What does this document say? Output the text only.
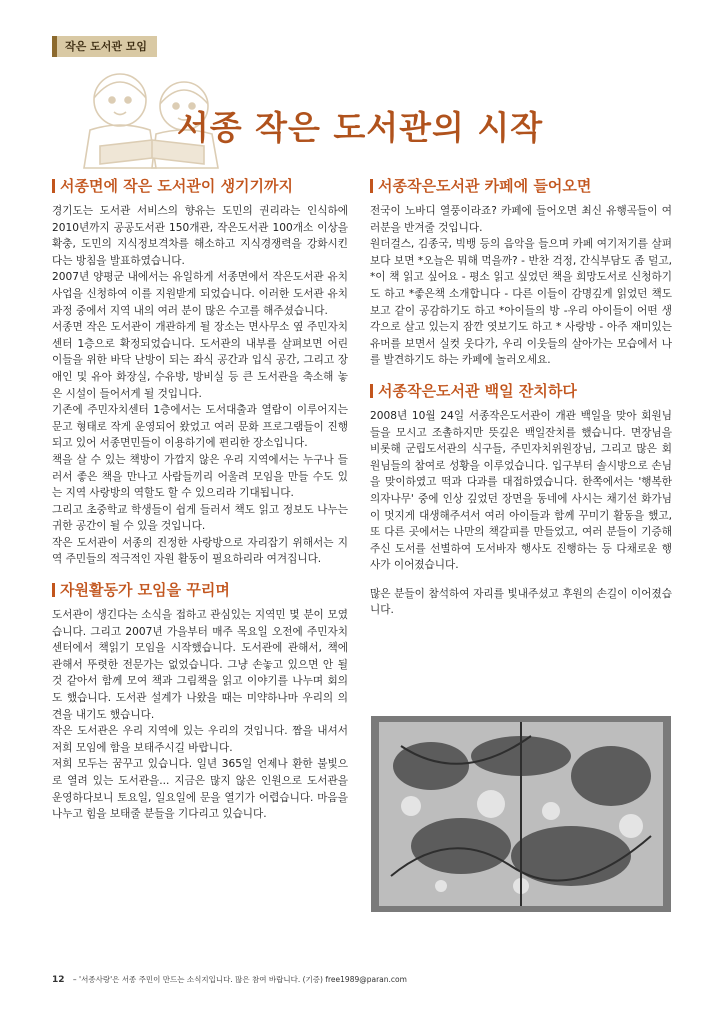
작은 도서관 모임
서종 작은 도서관의 시작
서종면에 작은 도서관이 생기기까지

경기도는 도서관 서비스의 향유는 도민의 권리라는 인식하에 2010년까지 공공도서관 150개관, 작은도서관 100개소 이상을 확충, 도민의 지식정보격차를 해소하고 지식경쟁력을 강화시킨다는 방침을 발표하였습니다.

2007년 양평군 내에서는 유일하게 서종면에서 작은도서관 유치 사업을 신청하여 이를 지원받게 되었습니다. 이러한 도서관 유치과정 중에서 지역 내의 여러 분이 많은 수고를 해주셨습니다.

서종면 작은 도서관이 개관하게 될 장소는 면사무소 옆 주민자치센터 1층으로 확정되었습니다. 도서관의 내부를 살펴보면 어린이들을 위한 바닥 난방이 되는 좌식 공간과 입식 공간, 그리고 장애인 및 유아 화장실, 수유방, 방비실 등 큰 도서관을 축소해 놓은 시설이 들어서게 될 것입니다.

기존에 주민자치센터 1층에서는 도서대출과 열람이 이루어지는 문고 형태로 작게 운영되어 왔었고 여러 문화 프로그램들이 진행되고 있어 서종면민들이 이용하기에 편리한 장소입니다.

책을 살 수 있는 책방이 가깝지 않은 우리 지역에서는 누구나 들러서 좋은 책을 만나고 사람들끼리 어울려 모임을 만들 수도 있는 지역 사랑방의 역할도 할 수 있으리라 기대됩니다.

그리고 초중학교 학생들이 쉽게 들러서 책도 읽고 정보도 나누는 귀한 공간이 될 수 있을 것입니다.

작은 도서관이 서종의 진정한 사랑방으로 자리잡기 위해서는 지역 주민들의 적극적인 자원 활동이 필요하리라 여겨집니다.

자원활동가 모임을 꾸리며

도서관이 생긴다는 소식을 접하고 관심있는 지역민 몇 분이 모였습니다. 그리고 2007년 가을부터 매주 목요일 오전에 주민자치센터에서 책읽기 모임을 시작했습니다. 도서관에 관해서, 책에 관해서 뚜렷한 전문가는 없었습니다. 그냥 손놓고 있으면 안 될 것 같아서 함께 모여 책과 그림책을 읽고 이야기를 나누며 회의도 했습니다. 도서관 설계가 나왔을 때는 미약하나마 우리의 의견을 내기도 했습니다.

작은 도서관은 우리 지역에 있는 우리의 것입니다. 짬을 내셔서 저희 모임에 함을 보태주시길 바랍니다.

저희 모두는 꿈꾸고 있습니다. 일년 365일 언제나 환한 불빛으로 열려 있는 도서관을... 지금은 많지 않은 인원으로 도서관을 운영하다보니 토요일, 일요일에 문을 열기가 어렵습니다. 마음을 나누고 힘을 보태줄 분들을 기다리고 있습니다.

서종작은도서관 카페에 들어오면

전국이 노바디 열풍이라죠? 카페에 들어오면 최신 유행곡들이 여러분을 반겨줄 것입니다.

원더걸스, 김종국, 빅뱅 등의 음악을 들으며 카페 여기저기를 살펴보다 보면 *오늘은 뭐해 먹을까? - 반찬 걱정, 간식부담도 좀 덜고, *이 책 읽고 싶어요 - 평소 읽고 싶었던 책을 희망도서로 신청하기도 하고 *좋은책 소개합니다 - 다른 이들이 감명깊게 읽었던 책도 보고 같이 공감하기도 하고 *아이들의 방 -우리 아이들이 어떤 생각으로 살고 있는지 잠깐 엿보기도 하고 * 사랑방 - 아주 재미있는 유머를 보면서 실컷 웃다가, 우리 이웃들의 살아가는 모습에서 나를 발견하기도 하는 카페에 놀러오세요.

서종작은도서관 백일 잔치하다

2008년 10월 24일 서종작은도서관이 개관 백일을 맞아 회원님들을 모시고 조촐하지만 뜻깊은 백일잔치를 했습니다. 면장님을 비롯해 군립도서관의 식구들, 주민자치위원장님, 그리고 많은 회원님들의 참여로 성황을 이루었습니다. 입구부터 솔시방으로 손님을 맞이하였고 떡과 다과를 대접하였습니다. 한쪽에서는 '행복한 의자나무' 중에 인상 깊었던 장면을 동네에 사시는 채기선 화가님이 멋지게 대생해주셔서 여러 아이들과 함께 꾸미기 활동을 했고, 또 다른 곳에서는 나만의 책갈피를 만들었고, 여러 분들이 기증해주신 도서를 선별하여 도서바자 행사도 진행하는 등 다채로운 행사가 이어졌습니다.

많은 분들이 참석하여 자리를 빛내주셨고 후원의 손길이 이어졌습니다.

12 – '서종사랑'은 서종 주민이 만드는 소식지입니다. 많은 참여 바랍니다. (기증) free1989@paran.com
